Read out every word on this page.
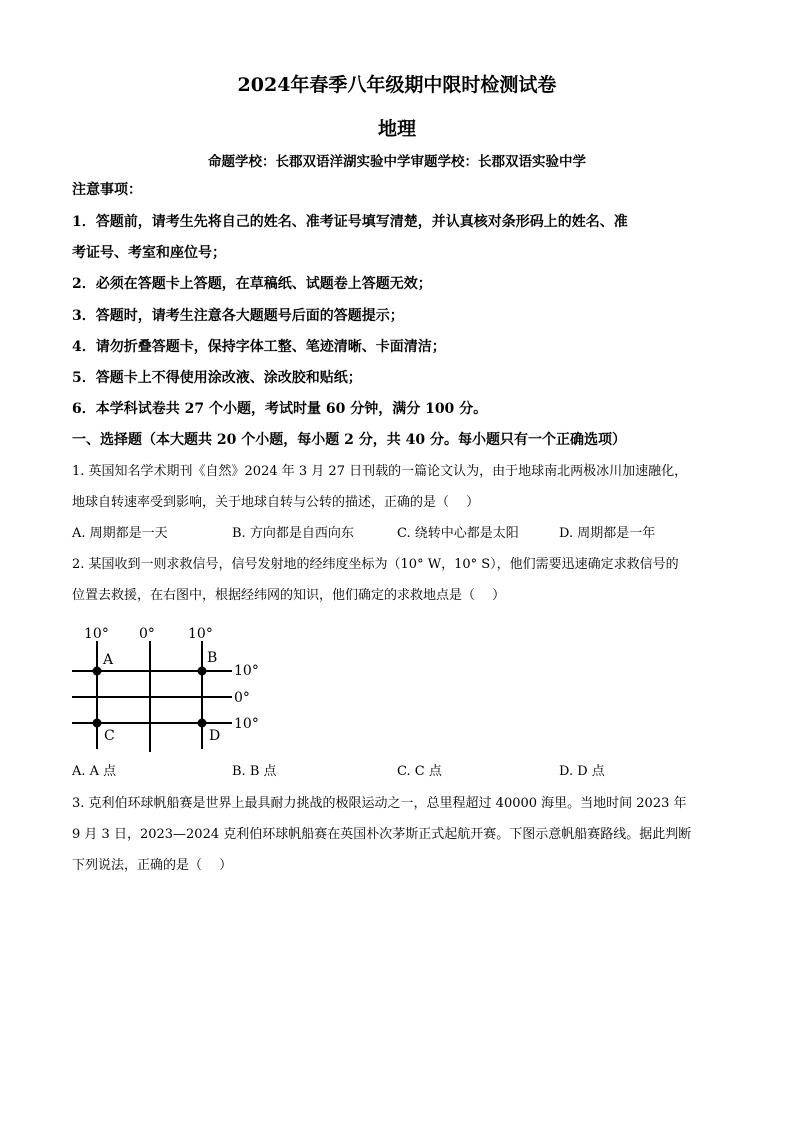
2024年春季八年级期中限时检测试卷
地理
命题学校：长郡双语洋湖实验中学审题学校：长郡双语实验中学
注意事项：
1．答题前，请考生先将自己的姓名、准考证号填写清楚，并认真核对条形码上的姓名、准
考证号、考室和座位号；
2．必须在答题卡上答题，在草稿纸、试题卷上答题无效；
3．答题时，请考生注意各大题题号后面的答题提示；
4．请勿折叠答题卡，保持字体工整、笔迹清晰、卡面清洁；
5．答题卡上不得使用涂改液、涂改胶和贴纸；
6．本学科试卷共 27 个小题，考试时量 60 分钟，满分 100 分。
一、选择题（本大题共 20 个小题，每小题 2 分，共 40 分。每小题只有一个正确选项）
1. 英国知名学术期刊《自然》2024 年 3 月 27 日刊载的一篇论文认为，由于地球南北两极冰川加速融化，
地球自转速率受到影响，关于地球自转与公转的描述，正确的是（　 ）
A. 周期都是一天	B. 方向都是自西向东	C. 绕转中心都是太阳	D. 周期都是一年
2. 某国收到一则求救信号，信号发射地的经纬度坐标为（10° W，10° S），他们需要迅速确定求救信号的
位置去救援，在右图中，根据经纬网的知识，他们确定的求救地点是（　 ）
10° 0° 10°
10°
0°
10°
A	B
C	D
A. A 点	B. B 点	C. C 点	D. D 点
3. 克利伯环球帆船赛是世界上最具耐力挑战的极限运动之一，总里程超过 40000 海里。当地时间 2023 年
9 月 3 日，2023—2024 克利伯环球帆船赛在英国朴次茅斯正式起航开赛。下图示意帆船赛路线。据此判断
下列说法，正确的是（　 ）
